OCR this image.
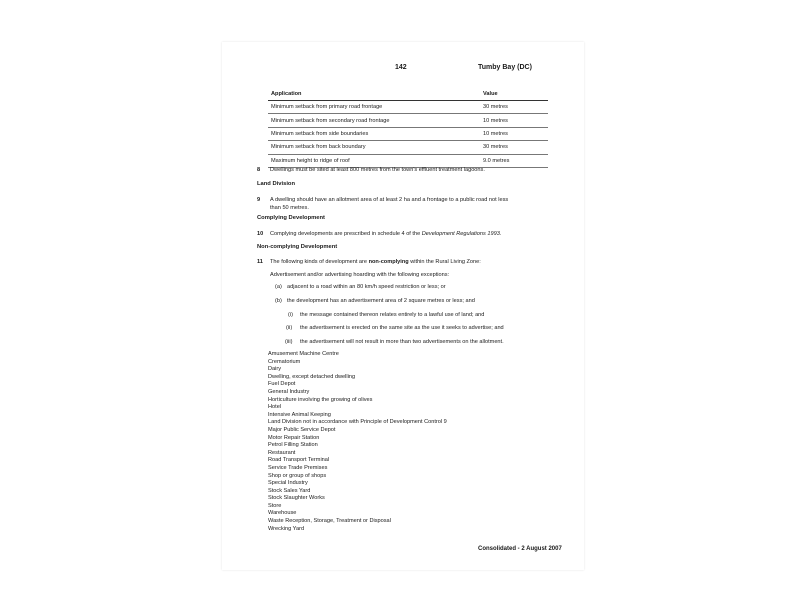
142	Tumby Bay (DC)
Application	Value
Minimum setback from primary road frontage	30 metres
Minimum setback from secondary road frontage	10 metres
Minimum setback from side boundaries	10 metres
Minimum setback from back boundary	30 metres
Maximum height to ridge of roof	9.0 metres
8 Dwellings must be sited at least 800 metres from the town's effluent treatment lagoons.
Land Division
9 A dwelling should have an allotment area of at least 2 ha and a frontage to a public road not less
than 50 metres.
Complying Development
10 Complying developments are prescribed in schedule 4 of the Development Regulations 1993.
Non-complying Development
11 The following kinds of development are non-complying within the Rural Living Zone:
Advertisement and/or advertising hoarding with the following exceptions:
(a) adjacent to a road within an 80 km/h speed restriction or less; or
(b) the development has an advertisement area of 2 square metres or less; and
(i) the message contained thereon relates entirely to a lawful use of land; and
(ii) the advertisement is erected on the same site as the use it seeks to advertise; and
(iii) the advertisement will not result in more than two advertisements on the allotment.
Amusement Machine Centre
Crematorium
Dairy
Dwelling, except detached dwelling
Fuel Depot
General Industry
Horticulture involving the growing of olives
Hotel
Intensive Animal Keeping
Land Division not in accordance with Principle of Development Control 9
Major Public Service Depot
Motor Repair Station
Petrol Filling Station
Restaurant
Road Transport Terminal
Service Trade Premises
Shop or group of shops
Special Industry
Stock Sales Yard
Stock Slaughter Works
Store
Warehouse
Waste Reception, Storage, Treatment or Disposal
Wrecking Yard
Consolidated - 2 August 2007
